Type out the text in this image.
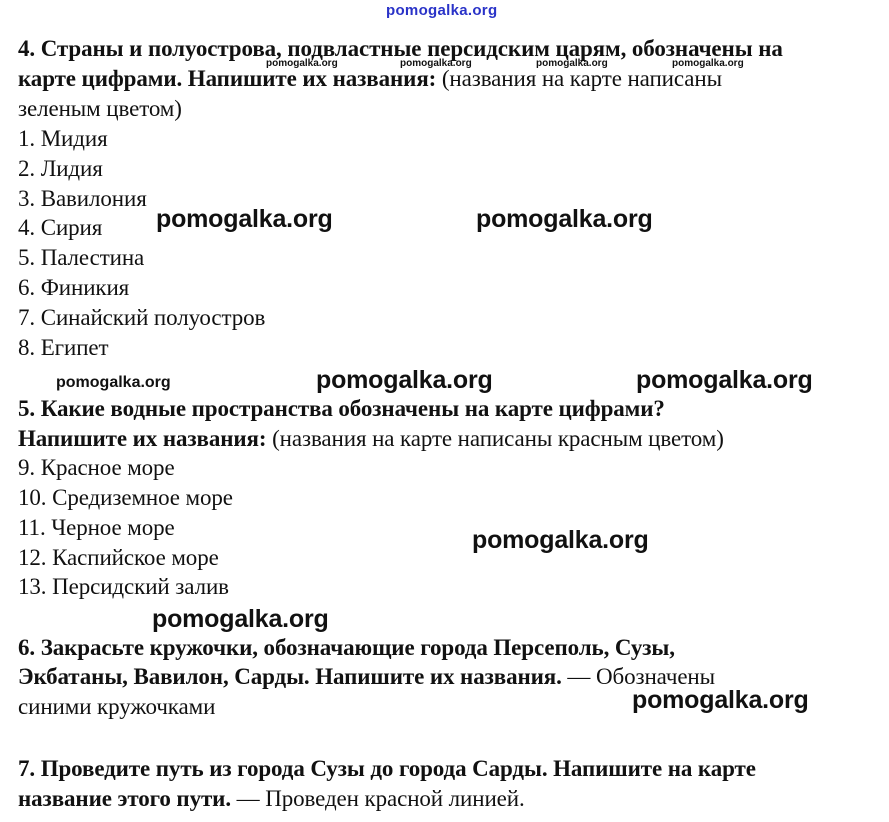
pomogalka.org
pomogalka.org	pomogalka.org	pomogalka.org	pomogalka.org
pomogalka.org	pomogalka.org
pomogalka.org	pomogalka.org	pomogalka.org
pomogalka.org
pomogalka.org
pomogalka.org
4. Страны и полуострова, подвластные персидским царям, обозначены на
карте цифрами. Напишите их названия: (названия на карте написаны
зеленым цветом)
1. Мидия
2. Лидия
3. Вавилония
4. Сирия
5. Палестина
6. Финикия
7. Синайский полуостров
8. Египет
5. Какие водные пространства обозначены на карте цифрами?
Напишите их названия: (названия на карте написаны красным цветом)
9. Красное море
10. Средиземное море
11. Черное море
12. Каспийское море
13. Персидский залив
6. Закрасьте кружочки, обозначающие города Персеполь, Сузы,
Экбатаны, Вавилон, Сарды. Напишите их названия. — Обозначены
синими кружочками
7. Проведите путь из города Сузы до города Сарды. Напишите на карте
название этого пути. — Проведен красной линией.
